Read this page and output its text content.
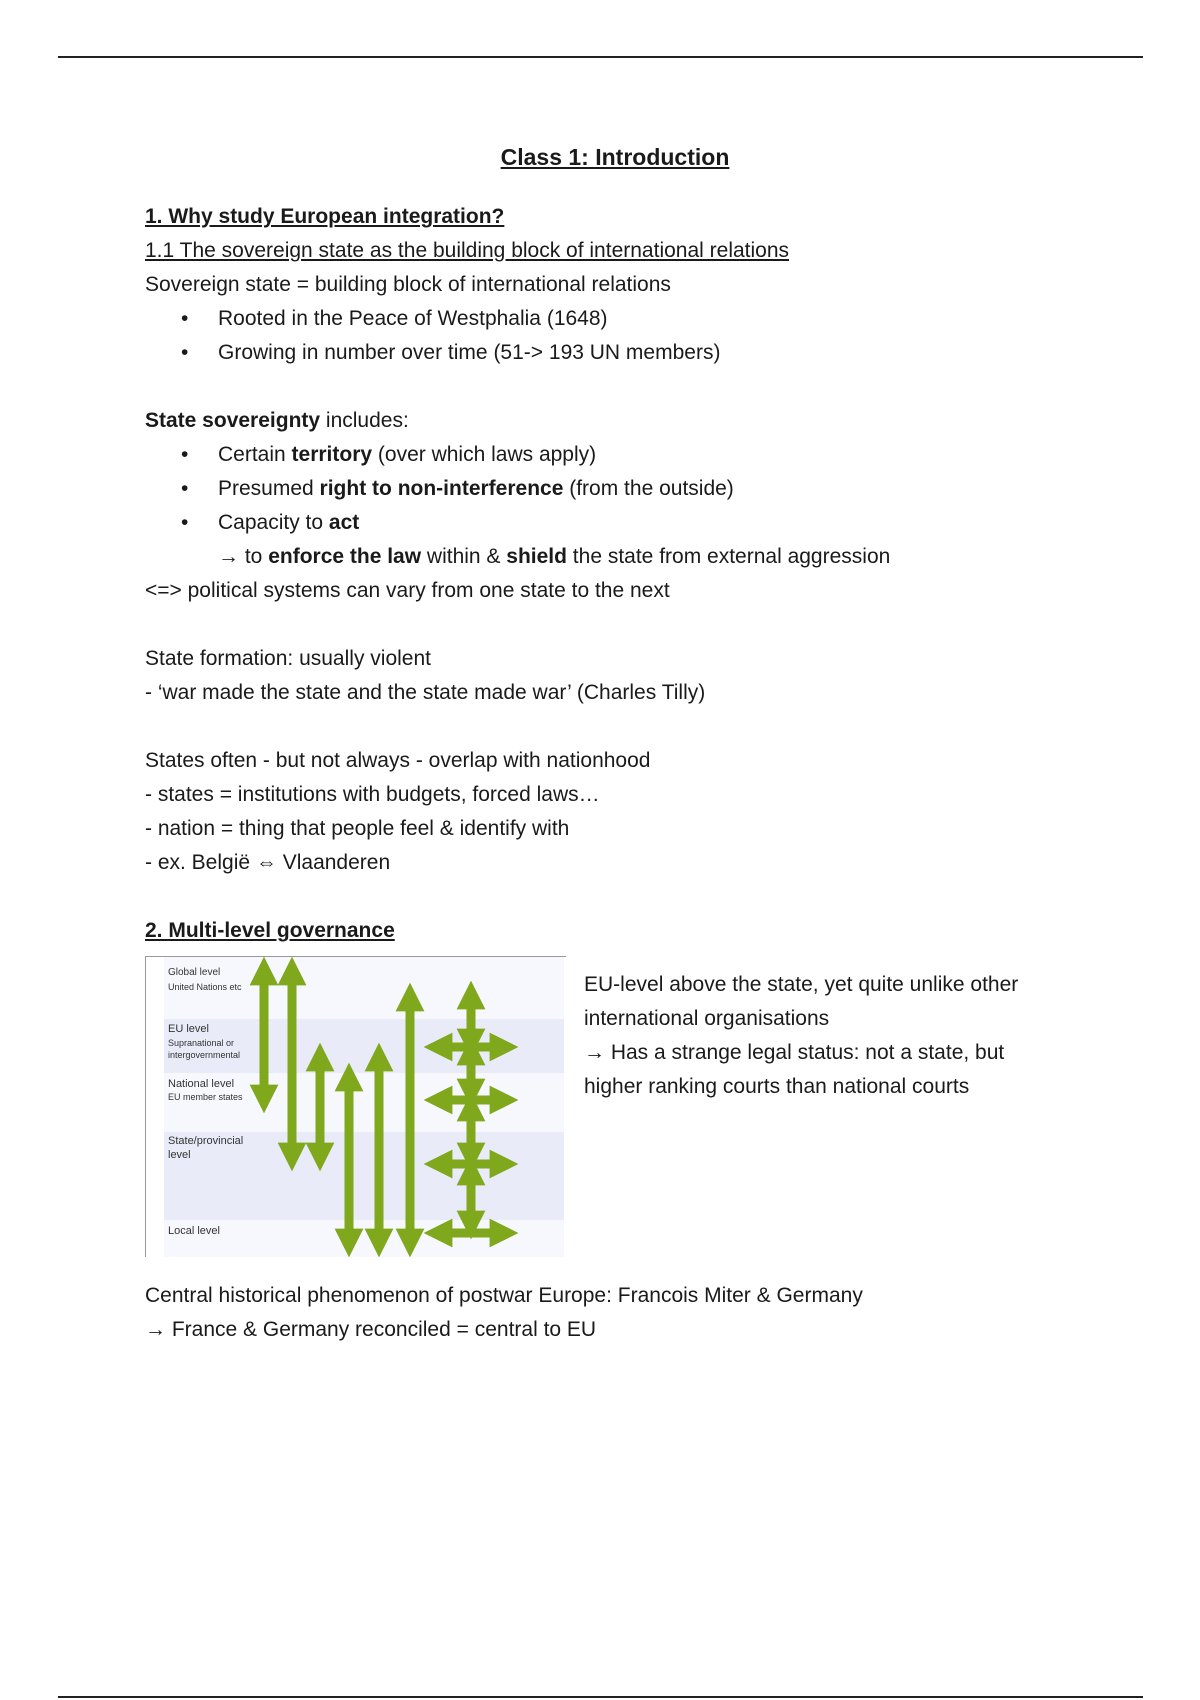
Class 1: Introduction
1. Why study European integration?
1.1 The sovereign state as the building block of international relations
Sovereign state = building block of international relations
• Rooted in the Peace of Westphalia (1648)
• Growing in number over time (51-> 193 UN members)
State sovereignty includes:
• Certain territory (over which laws apply)
• Presumed right to non-interference (from the outside)
• Capacity to act
→ to enforce the law within & shield the state from external aggression
<=> political systems can vary from one state to the next
State formation: usually violent
- ‘war made the state and the state made war’ (Charles Tilly)
States often - but not always - overlap with nationhood
- states = institutions with budgets, forced laws…
- nation = thing that people feel & identify with
- ex. België ⇔ Vlaanderen
2. Multi-level governance
Global level
United Nations etc
EU level
Supranational or
intergovernmental
National level
EU member states
State/provincial
level
Local level
EU-level above the state, yet quite unlike other
international organisations
→ Has a strange legal status: not a state, but
higher ranking courts than national courts
Central historical phenomenon of postwar Europe: Francois Miter & Germany
→ France & Germany reconciled = central to EU
